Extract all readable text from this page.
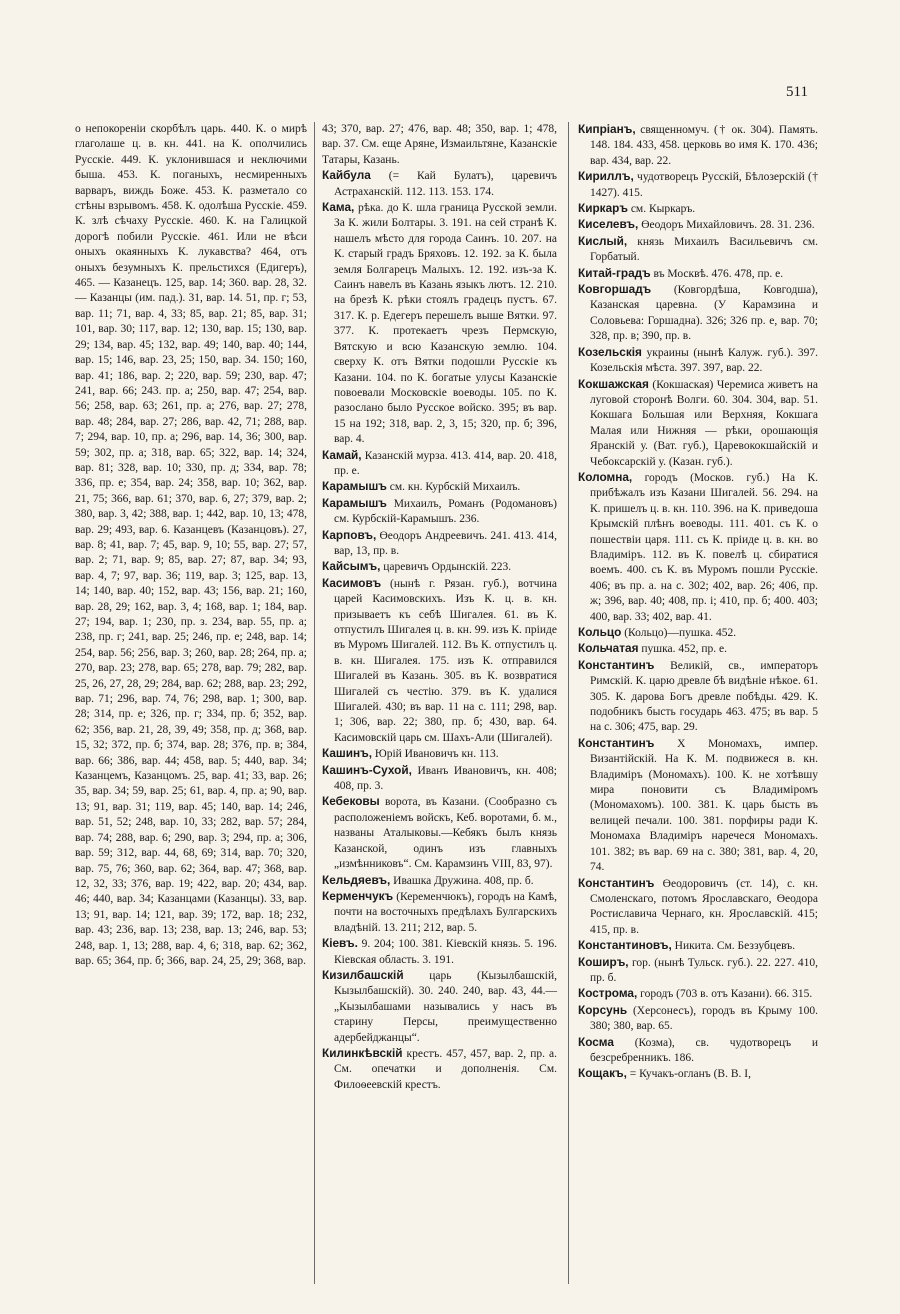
511

о непокореніи скорбѣлъ царь. 440. К. о мирѣ глаголаше ц. в. кн. 441. на К. ополчились Русскіе. 449. К. уклонившася и неключими быша. 453. К. поганыхъ, несмиренныхъ варваръ, виждь Боже. 453. К. разметало со стѣны взрывомъ. 458. К. одолѣша Русскіе. 459. К. злѣ сѣчаху Русскіе. 460. К. на Галицкой дорогѣ побили Русскіе. 461. Или не вѣси оныхъ окаянныхъ К. лукавства? 464, отъ оныхъ безумныхъ К. прельстихся (Едигеръ), 465. — Казанецъ. 125, вар. 14; 360. вар. 28, 32. — Казанцы (им. пад.). 31, вар. 14. 51, пр. г; 53, вар. 11; 71, вар. 4, 33; 85, вар. 21; 85, вар. 31; 101, вар. 30; 117, вар. 12; 130, вар. 15; 130, вар. 29; 134, вар. 45; 132, вар. 49; 140, вар. 40; 144, вар. 15; 146, вар. 23, 25; 150, вар. 34. 150; 160, вар. 41; 186, вар. 2; 220, вар. 59; 230, вар. 47; 241, вар. 66; 243. пр. а; 250, вар. 47; 254, вар. 56; 258, вар. 63; 261, пр. а; 276, вар. 27; 278, вар. 48; 284, вар. 27; 286, вар. 42, 71; 288, вар. 7; 294, вар. 10, пр. а; 296, вар. 14, 36; 300, вар. 59; 302, пр. а; 318, вар. 65; 322, вар. 14; 324, вар. 81; 328, вар. 10; 330, пр. д; 334, вар. 78; 336, пр. е; 354, вар. 24; 358, вар. 10; 362, вар. 21, 75; 366, вар. 61; 370, вар. 6, 27; 379, вар. 2; 380, вар. 3, 42; 388, вар. 1; 442, вар. 10, 13; 478, вар. 29; 493, вар. 6. Казанцевъ (Казанцовъ). 27, вар. 8; 41, вар. 7; 45, вар. 9, 10; 55, вар. 27; 57, вар. 2; 71, вар. 9; 85, вар. 27; 87, вар. 34; 93, вар. 4, 7; 97, вар. 36; 119, вар. 3; 125, вар. 13, 14; 140, вар. 40; 152, вар. 43; 156, вар. 21; 160, вар. 28, 29; 162, вар. 3, 4; 168, вар. 1; 184, вар. 27; 194, вар. 1; 230, пр. з. 234, вар. 55, пр. а; 238, пр. г; 241, вар. 25; 246, пр. е; 248, вар. 14; 254, вар. 56; 256, вар. 3; 260, вар. 28; 264, пр. а; 270, вар. 23; 278, вар. 65; 278, вар. 79; 282, вар. 25, 26, 27, 28, 29; 284, вар. 62; 288, вар. 23; 292, вар. 71; 296, вар. 74, 76; 298, вар. 1; 300, вар. 28; 314, пр. е; 326, пр. г; 334, пр. б; 352, вар. 62; 356, вар. 21, 28, 39, 49; 358, пр. д; 368, вар. 15, 32; 372, пр. б; 374, вар. 28; 376, пр. в; 384, вар. 66; 386, вар. 44; 458, вар. 5; 440, вар. 34; Казанцемъ, Казанцомъ. 25, вар. 41; 33, вар. 26; 35, вар. 34; 59, вар. 25; 61, вар. 4, пр. а; 90, вар. 13; 91, вар. 31; 119, вар. 45; 140, вар. 14; 246, вар. 51, 52; 248, вар. 10, 33; 282, вар. 57; 284, вар. 74; 288, вар. 6; 290, вар. 3; 294, пр. а; 306, вар. 59; 312, вар. 44, 68, 69; 314, вар. 70; 320, вар. 75, 76; 360, вар. 62; 364, вар. 47; 368, вар. 12, 32, 33; 376, вар. 19; 422, вар. 20; 434, вар. 46; 440, вар. 34; Казанцами (Казанцы). 33, вар. 13; 91, вар. 14; 121, вар. 39; 172, вар. 18; 232, вар. 43; 236, вар. 13; 238, вар. 13; 246, вар. 53; 248, вар. 1, 13; 288, вар. 4, 6; 318, вар. 62; 362, вар. 65; 364, пр. б; 366, вар. 24, 25, 29; 368, вар.

43; 370, вар. 27; 476, вар. 48; 350, вар. 1; 478, вар. 37. См. еще Аряне, Измаильтяне, Казанскіе Татары, Казань.

Кайбула (= Кай Булатъ), царевичъ Астраханскій. 112. 113. 153. 174.

Кама, рѣка. до К. шла граница Русской земли. За К. жили Болтары. 3. 191. на сей странѣ К. нашелъ мѣсто для города Саинъ. 10. 207. на К. старый градъ Бряховъ. 12. 192. за К. была земля Болгарецъ Малыхъ. 12. 192. изъ-за К. Саинъ навелъ въ Казань языкъ лютъ. 12. 210. на брезѣ К. рѣки стоялъ градецъ пустъ. 67. 317. К. р. Едегеръ перешелъ выше Вятки. 97. 377. К. протекаетъ чрезъ Пермскую, Вятскую и всю Казанскую землю. 104. сверху К. отъ Вятки подошли Русскіе къ Казани. 104. по К. богатые улусы Казанскіе повоевали Московскіе воеводы. 105. по К. разослано было Русское войско. 395; въ вар. 15 на 192; 318, вар. 2, 3, 15; 320, пр. б; 396, вар. 4.

Камай, Казанскій мурза. 413. 414, вар. 20. 418, пр. е.

Карамышъ см. кн. Курбскій Михаилъ.

Карамышъ Михаилъ, Романъ (Родомановъ) см. Курбскій-Карамышъ. 236.

Карповъ, Өеодоръ Андреевичъ. 241. 413. 414, вар, 13, пр. в.

Кайсымъ, царевичъ Ордынскій. 223.

Касимовъ (нынѣ г. Рязан. губ.), вотчина царей Касимовскихъ. Изъ К. ц. в. кн. призываетъ къ себѣ Шигалея. 61. въ К. отпустилъ Шигалея ц. в. кн. 99. изъ К. пріиде въ Муромъ Шигалей. 112. Въ К. отпустилъ ц. в. кн. Шигалея. 175. изъ К. отправился Шигалей въ Казань. 305. въ К. возвратися Шигалей съ честію. 379. въ К. удалися Шигалей. 430; въ вар. 11 на с. 111; 298, вар. 1; 306, вар. 22; 380, пр. б; 430, вар. 64. Касимовскій царь см. Шахъ-Али (Шигалей).

Кашинъ, Юрій Ивановичъ кн. 113.

Кашинъ-Сухой, Иванъ Ивановичъ, кн. 408; 408, пр. 3.

Кебековы ворота, въ Казани. (Сообразно съ расположеніемъ войскъ, Кеб. воротами, б. м., названы Аталыковы.—Кебякъ былъ князь Казанской, одинъ изъ главныхъ „измѣнниковъ“. См. Карамзинъ VIII, 83, 97).

Кельдяевъ, Ивашка Дружина. 408, пр. б.

Керменчукъ (Кеременчюкъ), городъ на Камѣ, почти на восточныхъ предѣлахъ Булгарскихъ владѣній. 13. 211; 212, вар. 5.

Кіевъ. 9. 204; 100. 381. Кіевскій князь. 5. 196. Кіевская область. 3. 191.

Кизилбашскій царь (Кызылбашскій, Кызылбашскій). 30. 240. 240, вар. 43, 44.—„Кызылбашами назывались у насъ въ старину Персы, преимущественно адербейджанцы“.

Килинкѣвскій крестъ. 457, 457, вар. 2, пр. а. См. опечатки и дополненія. См. Филоѳеевскій крестъ.

Кипріанъ, священномуч. († ок. 304). Память. 148. 184. 433, 458. церковь во имя К. 170. 436; вар. 434, вар. 22.

Кириллъ, чудотворецъ Русскій, Бѣлозерскій († 1427). 415.

Киркаръ см. Кыркаръ.

Киселевъ, Өеодоръ Михайловичъ. 28. 31. 236.

Кислый, князь Михаилъ Васильевичъ см. Горбатый.

Китай-градъ въ Москвѣ. 476. 478, пр. е.

Ковгоршадъ (Ковгордѣша, Ковгодша), Казанская царевна. (У Карамзина и Соловьева: Горшадна). 326; 326 пр. е, вар. 70; 328, пр. в; 390, пр. в.

Козельскія украины (нынѣ Калуж. губ.). 397. Козельскія мѣста. 397. 397, вар. 22.

Кокшажская (Кокшаская) Черемиса живетъ на луговой сторонѣ Волги. 60. 304. 304, вар. 51. Кокшага Большая или Верхняя, Кокшага Малая или Нижняя — рѣки, орошающія Яранскій у. (Ват. губ.), Царевококшайскій и Чебоксарскій у. (Казан. губ.).

Коломна, городъ (Москов. губ.) На К. прибѣжалъ изъ Казани Шигалей. 56. 294. на К. пришелъ ц. в. кн. 110. 396. на К. приведоша Крымскій плѣнъ воеводы. 111. 401. съ К. о пошествіи царя. 111. съ К. пріиде ц. в. кн. во Владиміръ. 112. въ К. повелѣ ц. сбиратися воемъ. 400. съ К. въ Муромъ пошли Русскіе. 406; въ пр. а. на с. 302; 402, вар. 26; 406, пр. ж; 396, вар. 40; 408, пр. і; 410, пр. б; 400. 403; 400, вар. 33; 402, вар. 41.

Кольцо (Кольцо)—пушка. 452.

Кольчатая пушка. 452, пр. е.

Константинъ Великій, св., императоръ Римскій. К. царю древле бѣ видѣніе нѣкое. 61. 305. К. дарова Богъ древле побѣды. 429. К. подобникъ бысть государь 463. 475; въ вар. 5 на с. 306; 475, вар. 29.

Константинъ X Мономахъ, импер. Византійскій. На К. М. подвижеся в. кн. Владиміръ (Мономахъ). 100. К. не хотѣвшу мира поновити съ Владиміромъ (Мономахомъ). 100. 381. К. царь бысть въ велицей печали. 100. 381. порфиры ради К. Мономаха Владиміръ наречеся Мономахъ. 101. 382; въ вар. 69 на с. 380; 381, вар. 4, 20, 74.

Константинъ Өеодоровичъ (ст. 14), с. кн. Смоленскаго, потомъ Ярославскаго, Өеодора Ростиславича Чернаго, кн. Ярославскій. 415; 415, пр. в.

Константиновъ, Никита. См. Беззубцевъ.

Коширъ, гор. (нынѣ Тульск. губ.). 22. 227. 410, пр. б.

Кострома, городъ (703 в. отъ Казани). 66. 315.

Корсунь (Херсонесъ), городъ въ Крыму 100. 380; 380, вар. 65.

Косма (Козма), св. чудотворецъ и безсребренникъ. 186.

Кощакъ, = Кучакъ-огланъ (В. В. І,
